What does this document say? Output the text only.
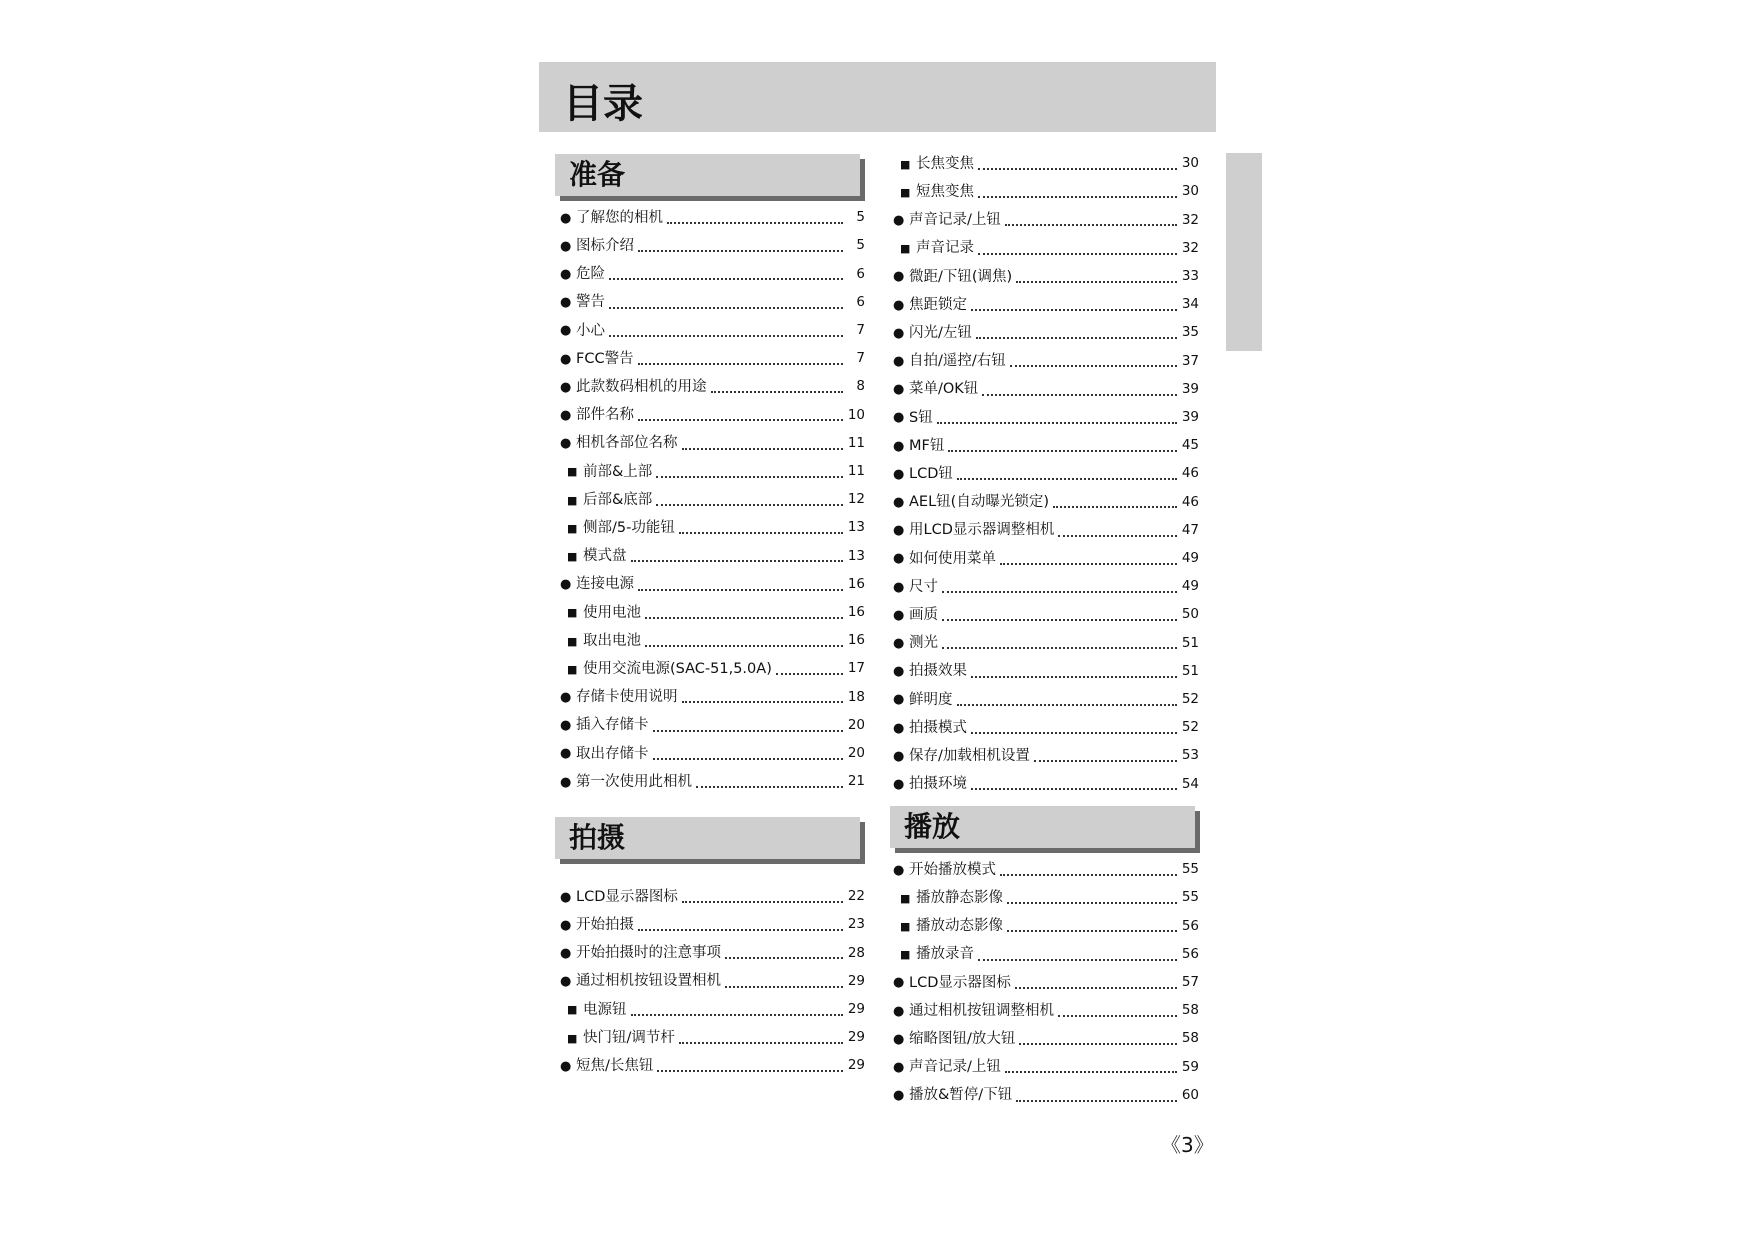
目录
准备
● 了解您的相机	5
● 图标介绍	5
● 危险	6
● 警告	6
● 小心	7
● FCC警告	7
● 此款数码相机的用途	8
● 部件名称	10
● 相机各部位名称	11
■ 前部&上部	11
■ 后部&底部	12
■ 侧部/5-功能钮	13
■ 模式盘	13
● 连接电源	16
■ 使用电池	16
■ 取出电池	16
■ 使用交流电源(SAC-51,5.0A)	17
● 存储卡使用说明	18
● 插入存储卡	20
● 取出存储卡	20
● 第一次使用此相机	21
拍摄
● LCD显示器图标	22
● 开始拍摄	23
● 开始拍摄时的注意事项	28
● 通过相机按钮设置相机	29
■ 电源钮	29
■ 快门钮/调节杆	29
● 短焦/长焦钮	29
■ 长焦变焦	30
■ 短焦变焦	30
● 声音记录/上钮	32
■ 声音记录	32
● 微距/下钮(调焦)	33
● 焦距锁定	34
● 闪光/左钮	35
● 自拍/遥控/右钮	37
● 菜单/OK钮	39
● S钮	39
● MF钮	45
● LCD钮	46
● AEL钮(自动曝光锁定)	46
● 用LCD显示器调整相机	47
● 如何使用菜单	49
● 尺寸	49
● 画质	50
● 测光	51
● 拍摄效果	51
● 鲜明度	52
● 拍摄模式	52
● 保存/加载相机设置	53
● 拍摄环境	54
播放
● 开始播放模式	55
■ 播放静态影像	55
■ 播放动态影像	56
■ 播放录音	56
● LCD显示器图标	57
● 通过相机按钮调整相机	58
● 缩略图钮/放大钮	58
● 声音记录/上钮	59
● 播放&暂停/下钮	60
《3》
